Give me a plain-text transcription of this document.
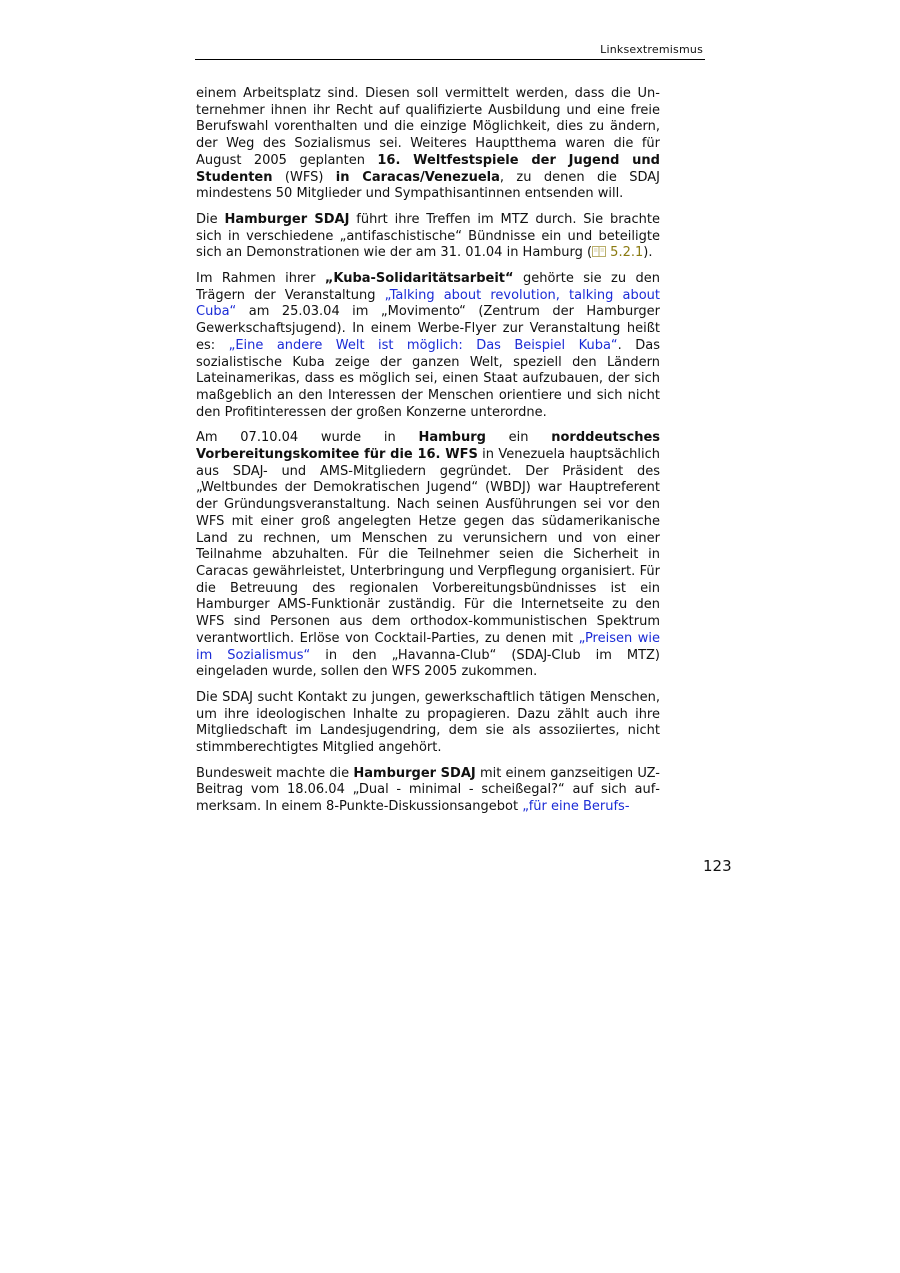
Linksextremismus

einem Arbeitsplatz sind. Diesen soll vermittelt werden, dass die Unternehmer ihnen ihr Recht auf qualifizierte Ausbildung und eine freie Berufswahl vorenthalten und die einzige Möglichkeit, dies zu ändern, der Weg des Sozialismus sei. Weiteres Hauptthema waren die für August 2005 geplanten 16. Weltfestspiele der Jugend und Studenten (WFS) in Caracas/Venezuela, zu denen die SDAJ mindestens 50 Mitglieder und Sympathisantinnen entsenden will.

Die Hamburger SDAJ führt ihre Treffen im MTZ durch. Sie brachte sich in verschiedene „antifaschistische“ Bündnisse ein und beteiligte sich an Demonstrationen wie der am 31. 01.04 in Hamburg ( 5.2.1).

Im Rahmen ihrer „Kuba-Solidaritätsarbeit“ gehörte sie zu den Trägern der Veranstaltung „Talking about revolution, talking about Cuba“ am 25.03.04 im „Movimento“ (Zentrum der Hamburger Gewerkschaftsjugend). In einem Werbe-Flyer zur Veranstaltung heißt es: „Eine andere Welt ist möglich: Das Beispiel Kuba“. Das sozialistische Kuba zeige der ganzen Welt, speziell den Ländern Lateinamerikas, dass es möglich sei, einen Staat aufzubauen, der sich maßgeblich an den Interessen der Menschen orientiere und sich nicht den Profitinteressen der großen Konzerne unterordne.

Am 07.10.04 wurde in Hamburg ein norddeutsches Vorbereitungskomitee für die 16. WFS in Venezuela hauptsächlich aus SDAJ- und AMS-Mitgliedern gegründet. Der Präsident des „Weltbundes der Demokratischen Jugend“ (WBDJ) war Hauptreferent der Gründungsveranstaltung. Nach seinen Ausführungen sei vor den WFS mit einer groß angelegten Hetze gegen das südamerikanische Land zu rechnen, um Menschen zu verunsichern und von einer Teilnahme abzuhalten. Für die Teilnehmer seien die Sicherheit in Caracas gewährleistet, Unterbringung und Verpflegung organisiert. Für die Betreuung des regionalen Vorbereitungsbündnisses ist ein Hamburger AMS-Funktionär zuständig. Für die Internetseite zu den WFS sind Personen aus dem orthodox-kommunistischen Spektrum verantwortlich. Erlöse von Cocktail-Parties, zu denen mit „Preisen wie im Sozialismus“ in den „Havanna-Club“ (SDAJ-Club im MTZ) eingeladen wurde, sollen den WFS 2005 zukommen.

Die SDAJ sucht Kontakt zu jungen, gewerkschaftlich tätigen Menschen, um ihre ideologischen Inhalte zu propagieren. Dazu zählt auch ihre Mitgliedschaft im Landesjugendring, dem sie als assoziiertes, nicht stimmberechtigtes Mitglied angehört.

Bundesweit machte die Hamburger SDAJ mit einem ganzseitigen UZ-Beitrag vom 18.06.04 „Dual - minimal - scheißegal?“ auf sich aufmerksam. In einem 8-Punkte-Diskussionsangebot „für eine Berufs-

123
